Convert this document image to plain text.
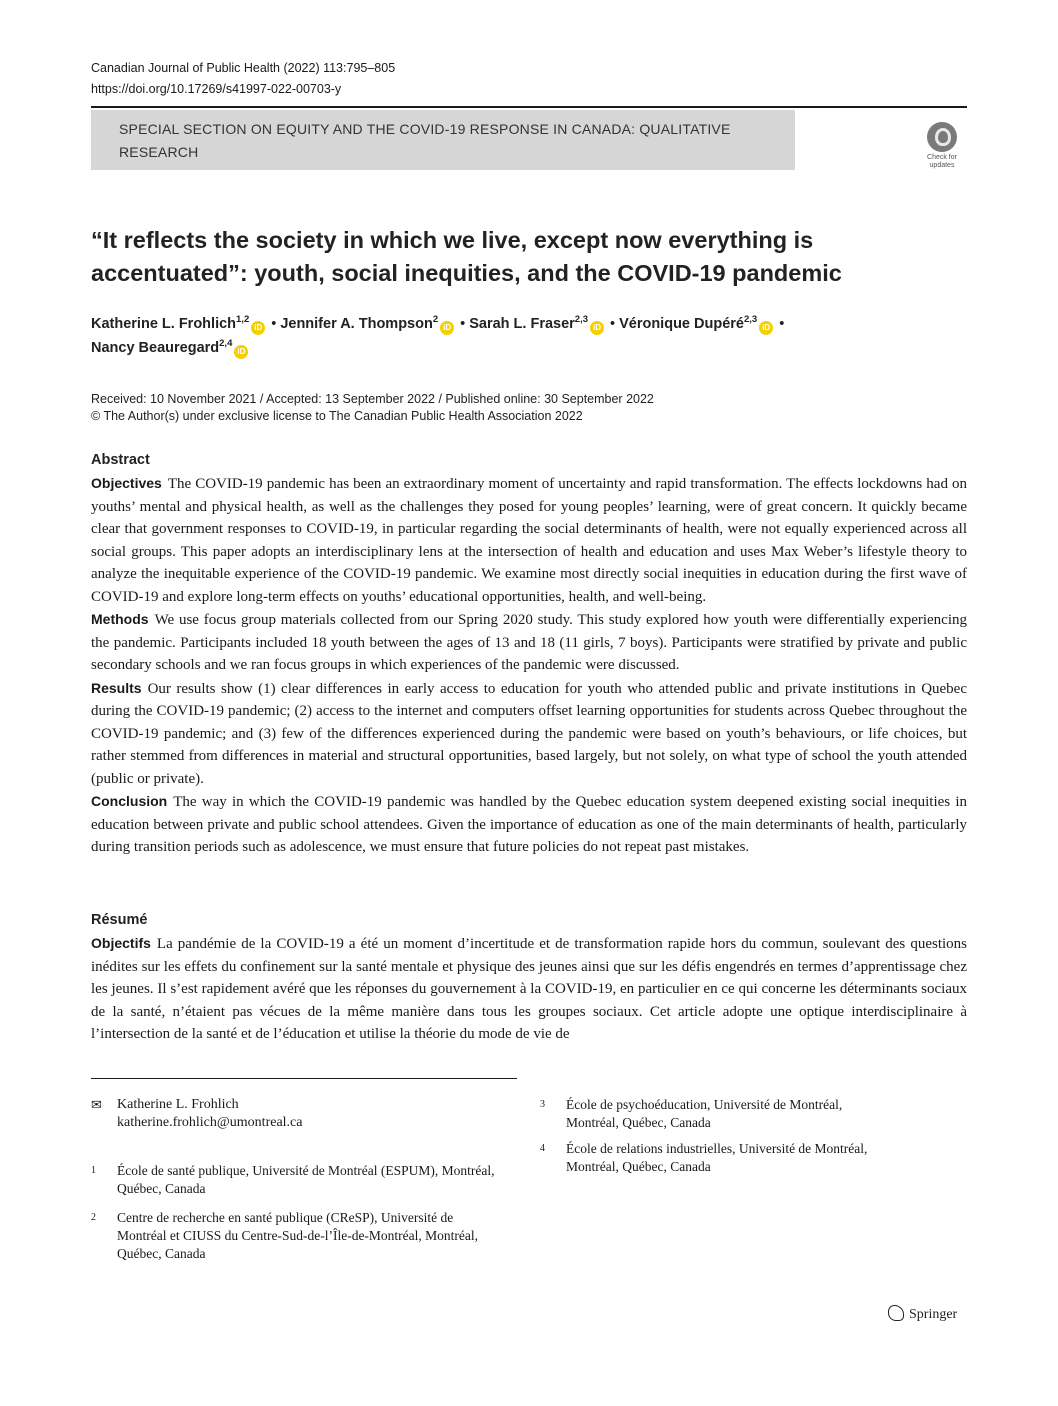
Canadian Journal of Public Health (2022) 113:795–805
https://doi.org/10.17269/s41997-022-00703-y
SPECIAL SECTION ON EQUITY AND THE COVID-19 RESPONSE IN CANADA: QUALITATIVE
RESEARCH	Check for
updates
“It reflects the society in which we live, except now everything is
accentuated”: youth, social inequities, and the COVID-19 pandemic
Katherine L. Frohlich$^{1,2}$iD • Jennifer A. Thompson$^2$iD • Sarah L. Fraser$^{2,3}$iD • Véronique Dupéré$^{2,3}$iD •
Nancy Beauregard$^{2,4}$iD
Received: 10 November 2021 / Accepted: 13 September 2022 / Published online: 30 September 2022
© The Author(s) under exclusive license to The Canadian Public Health Association 2022
Abstract

Objectives The COVID-19 pandemic has been an extraordinary moment of uncertainty and rapid transformation. The effects lockdowns had on youths’ mental and physical health, as well as the challenges they posed for young peoples’ learning, were of great concern. It quickly became clear that government responses to COVID-19, in particular regarding the social determinants of health, were not equally experienced across all social groups. This paper adopts an interdisciplinary lens at the intersection of health and education and uses Max Weber’s lifestyle theory to analyze the inequitable experience of the COVID-19 pandemic. We examine most directly social inequities in education during the first wave of COVID-19 and explore long-term effects on youths’ educational opportunities, health, and well-being.

Methods We use focus group materials collected from our Spring 2020 study. This study explored how youth were differentially experiencing the pandemic. Participants included 18 youth between the ages of 13 and 18 (11 girls, 7 boys). Participants were stratified by private and public secondary schools and we ran focus groups in which experiences of the pandemic were discussed.

Results Our results show (1) clear differences in early access to education for youth who attended public and private institutions in Quebec during the COVID-19 pandemic; (2) access to the internet and computers offset learning opportunities for students across Quebec throughout the COVID-19 pandemic; and (3) few of the differences experienced during the pandemic were based on youth’s behaviours, or life choices, but rather stemmed from differences in material and structural opportunities, based largely, but not solely, on what type of school the youth attended (public or private).

Conclusion The way in which the COVID-19 pandemic was handled by the Quebec education system deepened existing social inequities in education between private and public school attendees. Given the importance of education as one of the main determinants of health, particularly during transition periods such as adolescence, we must ensure that future policies do not repeat past mistakes.

Résumé

Objectifs La pandémie de la COVID-19 a été un moment d’incertitude et de transformation rapide hors du commun, soulevant des questions inédites sur les effets du confinement sur la santé mentale et physique des jeunes ainsi que sur les défis engendrés en termes d’apprentissage chez les jeunes. Il s’est rapidement avéré que les réponses du gouvernement à la COVID-19, en particulier en ce qui concerne les déterminants sociaux de la santé, n’étaient pas vécues de la même manière dans tous les groupes sociaux. Cet article adopte une optique interdisciplinaire à l’intersection de la santé et de l’éducation et utilise la théorie du mode de vie de

✉ Katherine L. Frohlich
katherine.frohlich@umontreal.ca
1 École de santé publique, Université de Montréal (ESPUM), Montréal, Québec, Canada
2 Centre de recherche en santé publique (CReSP), Université de Montréal et CIUSS du Centre-Sud-de-l’Île-de-Montréal, Montréal, Québec, Canada
3 École de psychoéducation, Université de Montréal, Montréal, Québec, Canada
4 École de relations industrielles, Université de Montréal, Montréal, Québec, Canada
Springer
